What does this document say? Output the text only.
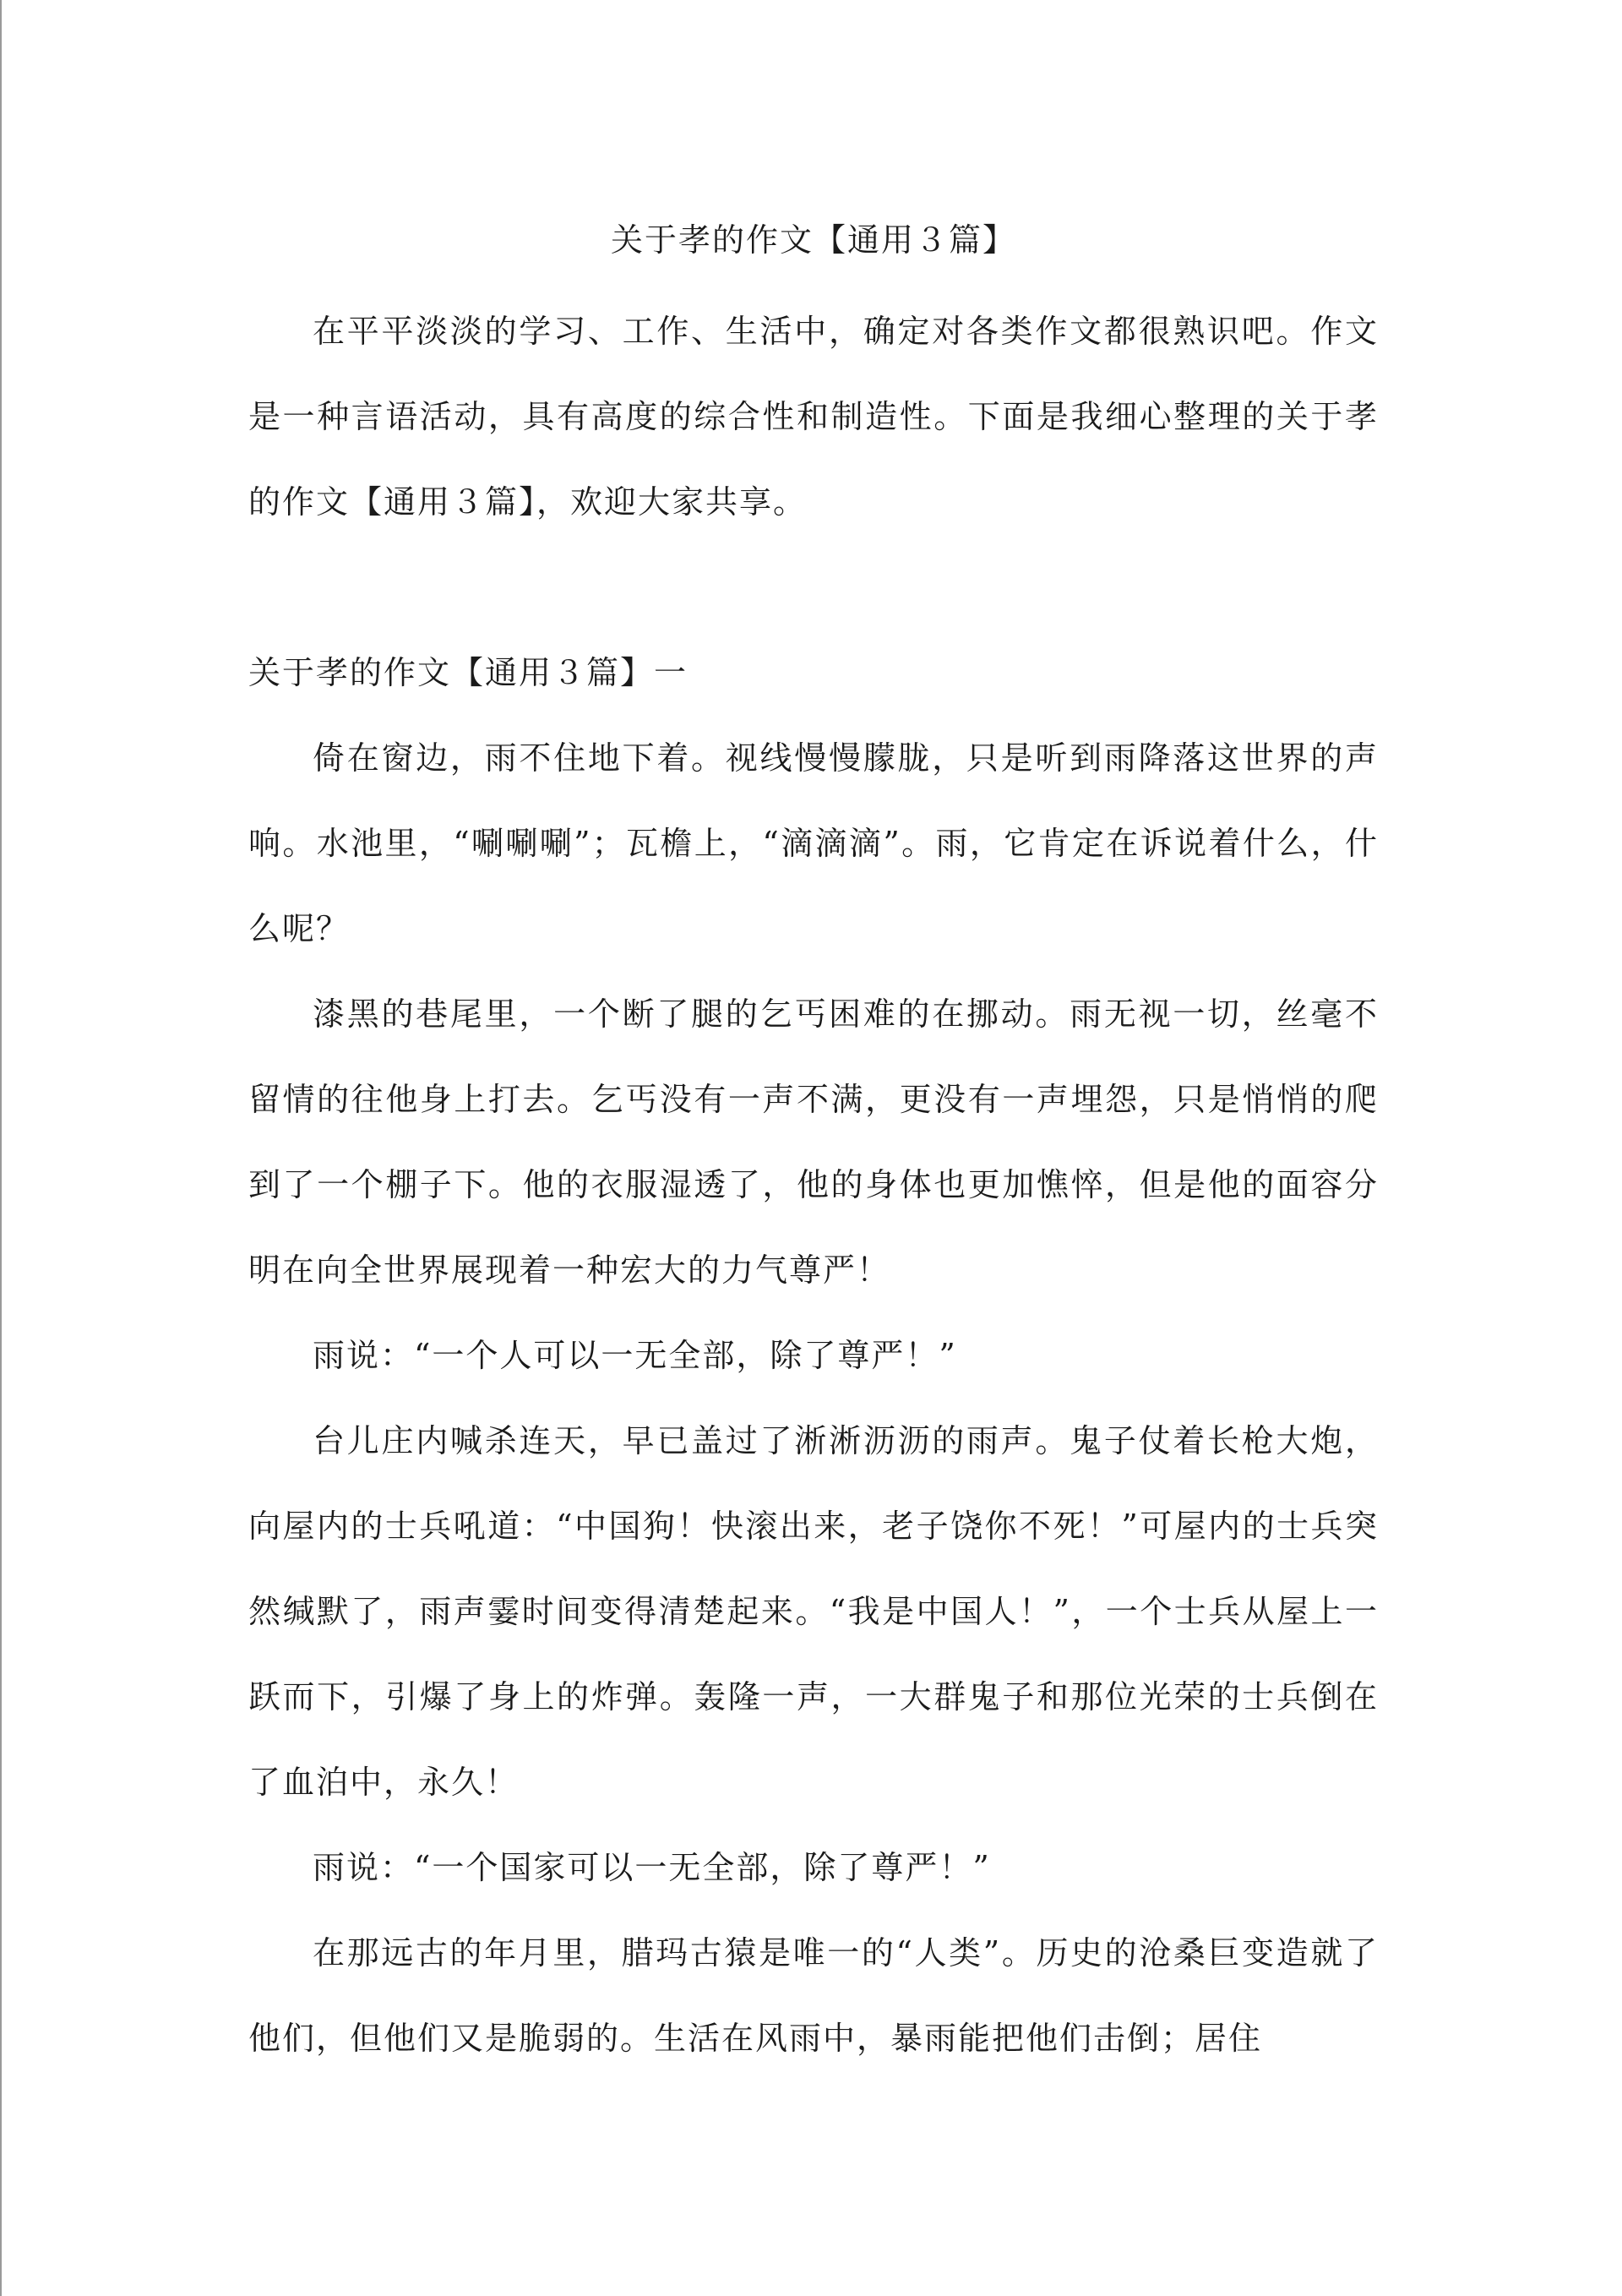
关于孝的作文【通用３篇】

在平平淡淡的学习、工作、生活中，确定对各类作文都很熟识吧。作文是一种言语活动，具有高度的综合性和制造性。下面是我细心整理的关于孝的作文【通用３篇】，欢迎大家共享。

关于孝的作文【通用３篇】一

倚在窗边，雨不住地下着。视线慢慢朦胧，只是听到雨降落这世界的声响。水池里，“唰唰唰”；瓦檐上，“滴滴滴”。雨，它肯定在诉说着什么，什么呢？

漆黑的巷尾里，一个断了腿的乞丐困难的在挪动。雨无视一切，丝毫不留情的往他身上打去。乞丐没有一声不满，更没有一声埋怨，只是悄悄的爬到了一个棚子下。他的衣服湿透了，他的身体也更加憔悴，但是他的面容分明在向全世界展现着一种宏大的力气尊严！

雨说：“一个人可以一无全部，除了尊严！”

台儿庄内喊杀连天，早已盖过了淅淅沥沥的雨声。鬼子仗着长枪大炮，向屋内的士兵吼道：“中国狗！快滚出来，老子饶你不死！”可屋内的士兵突然缄默了，雨声霎时间变得清楚起来。“我是中国人！”，一个士兵从屋上一跃而下，引爆了身上的炸弹。轰隆一声，一大群鬼子和那位光荣的士兵倒在了血泊中，永久！

雨说：“一个国家可以一无全部，除了尊严！”

在那远古的年月里，腊玛古猿是唯一的“人类”。历史的沧桑巨变造就了他们，但他们又是脆弱的。生活在风雨中，暴雨能把他们击倒；居住
